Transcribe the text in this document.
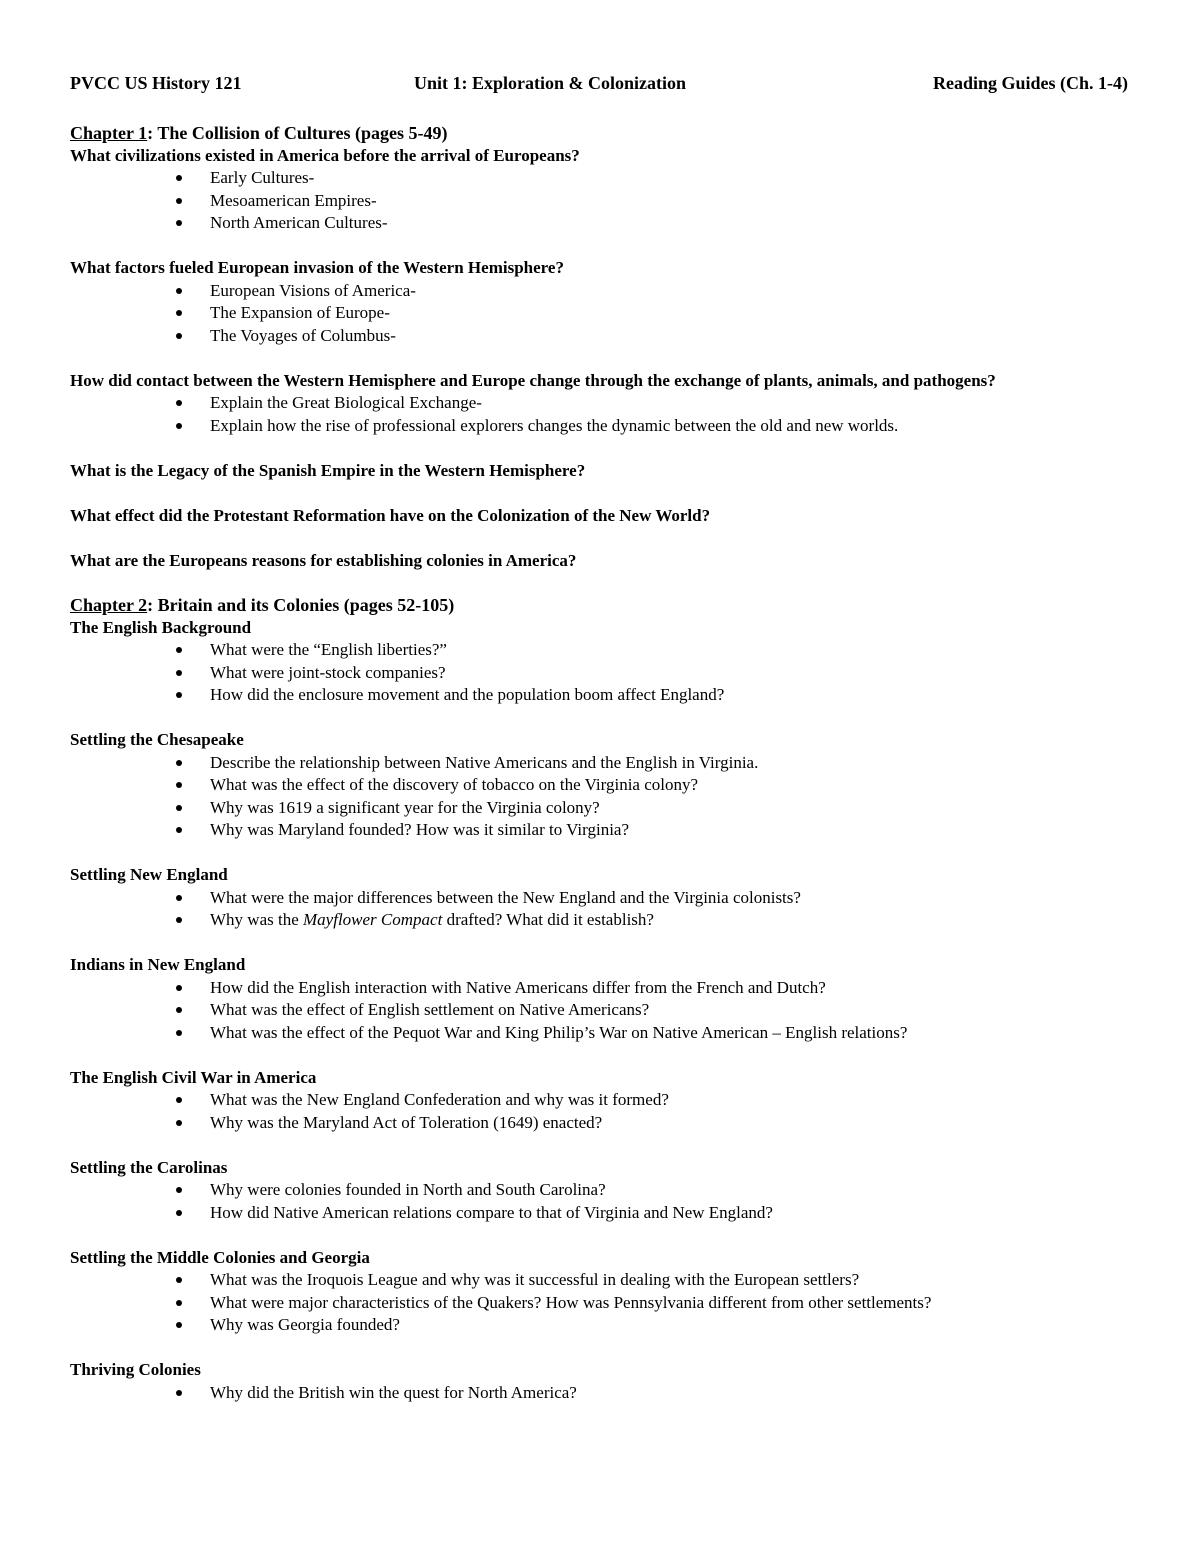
PVCC US History 121	Unit 1: Exploration & Colonization	Reading Guides (Ch. 1-4)
Chapter 1: The Collision of Cultures (pages 5-49)

What civilizations existed in America before the arrival of Europeans?

Early Cultures-
Mesoamerican Empires-
North American Cultures-

What factors fueled European invasion of the Western Hemisphere?

European Visions of America-
The Expansion of Europe-
The Voyages of Columbus-

How did contact between the Western Hemisphere and Europe change through the exchange of plants, animals, and pathogens?

Explain the Great Biological Exchange-
Explain how the rise of professional explorers changes the dynamic between the old and new worlds.

What is the Legacy of the Spanish Empire in the Western Hemisphere?

What effect did the Protestant Reformation have on the Colonization of the New World?

What are the Europeans reasons for establishing colonies in America?

Chapter 2: Britain and its Colonies (pages 52-105)

The English Background

What were the “English liberties?”
What were joint-stock companies?
How did the enclosure movement and the population boom affect England?

Settling the Chesapeake

Describe the relationship between Native Americans and the English in Virginia.
What was the effect of the discovery of tobacco on the Virginia colony?
Why was 1619 a significant year for the Virginia colony?
Why was Maryland founded? How was it similar to Virginia?

Settling New England

What were the major differences between the New England and the Virginia colonists?
Why was the Mayflower Compact drafted? What did it establish?

Indians in New England

How did the English interaction with Native Americans differ from the French and Dutch?
What was the effect of English settlement on Native Americans?
What was the effect of the Pequot War and King Philip’s War on Native American – English relations?

The English Civil War in America

What was the New England Confederation and why was it formed?
Why was the Maryland Act of Toleration (1649) enacted?

Settling the Carolinas

Why were colonies founded in North and South Carolina?
How did Native American relations compare to that of Virginia and New England?

Settling the Middle Colonies and Georgia

What was the Iroquois League and why was it successful in dealing with the European settlers?
What were major characteristics of the Quakers? How was Pennsylvania different from other settlements?
Why was Georgia founded?

Thriving Colonies

Why did the British win the quest for North America?
